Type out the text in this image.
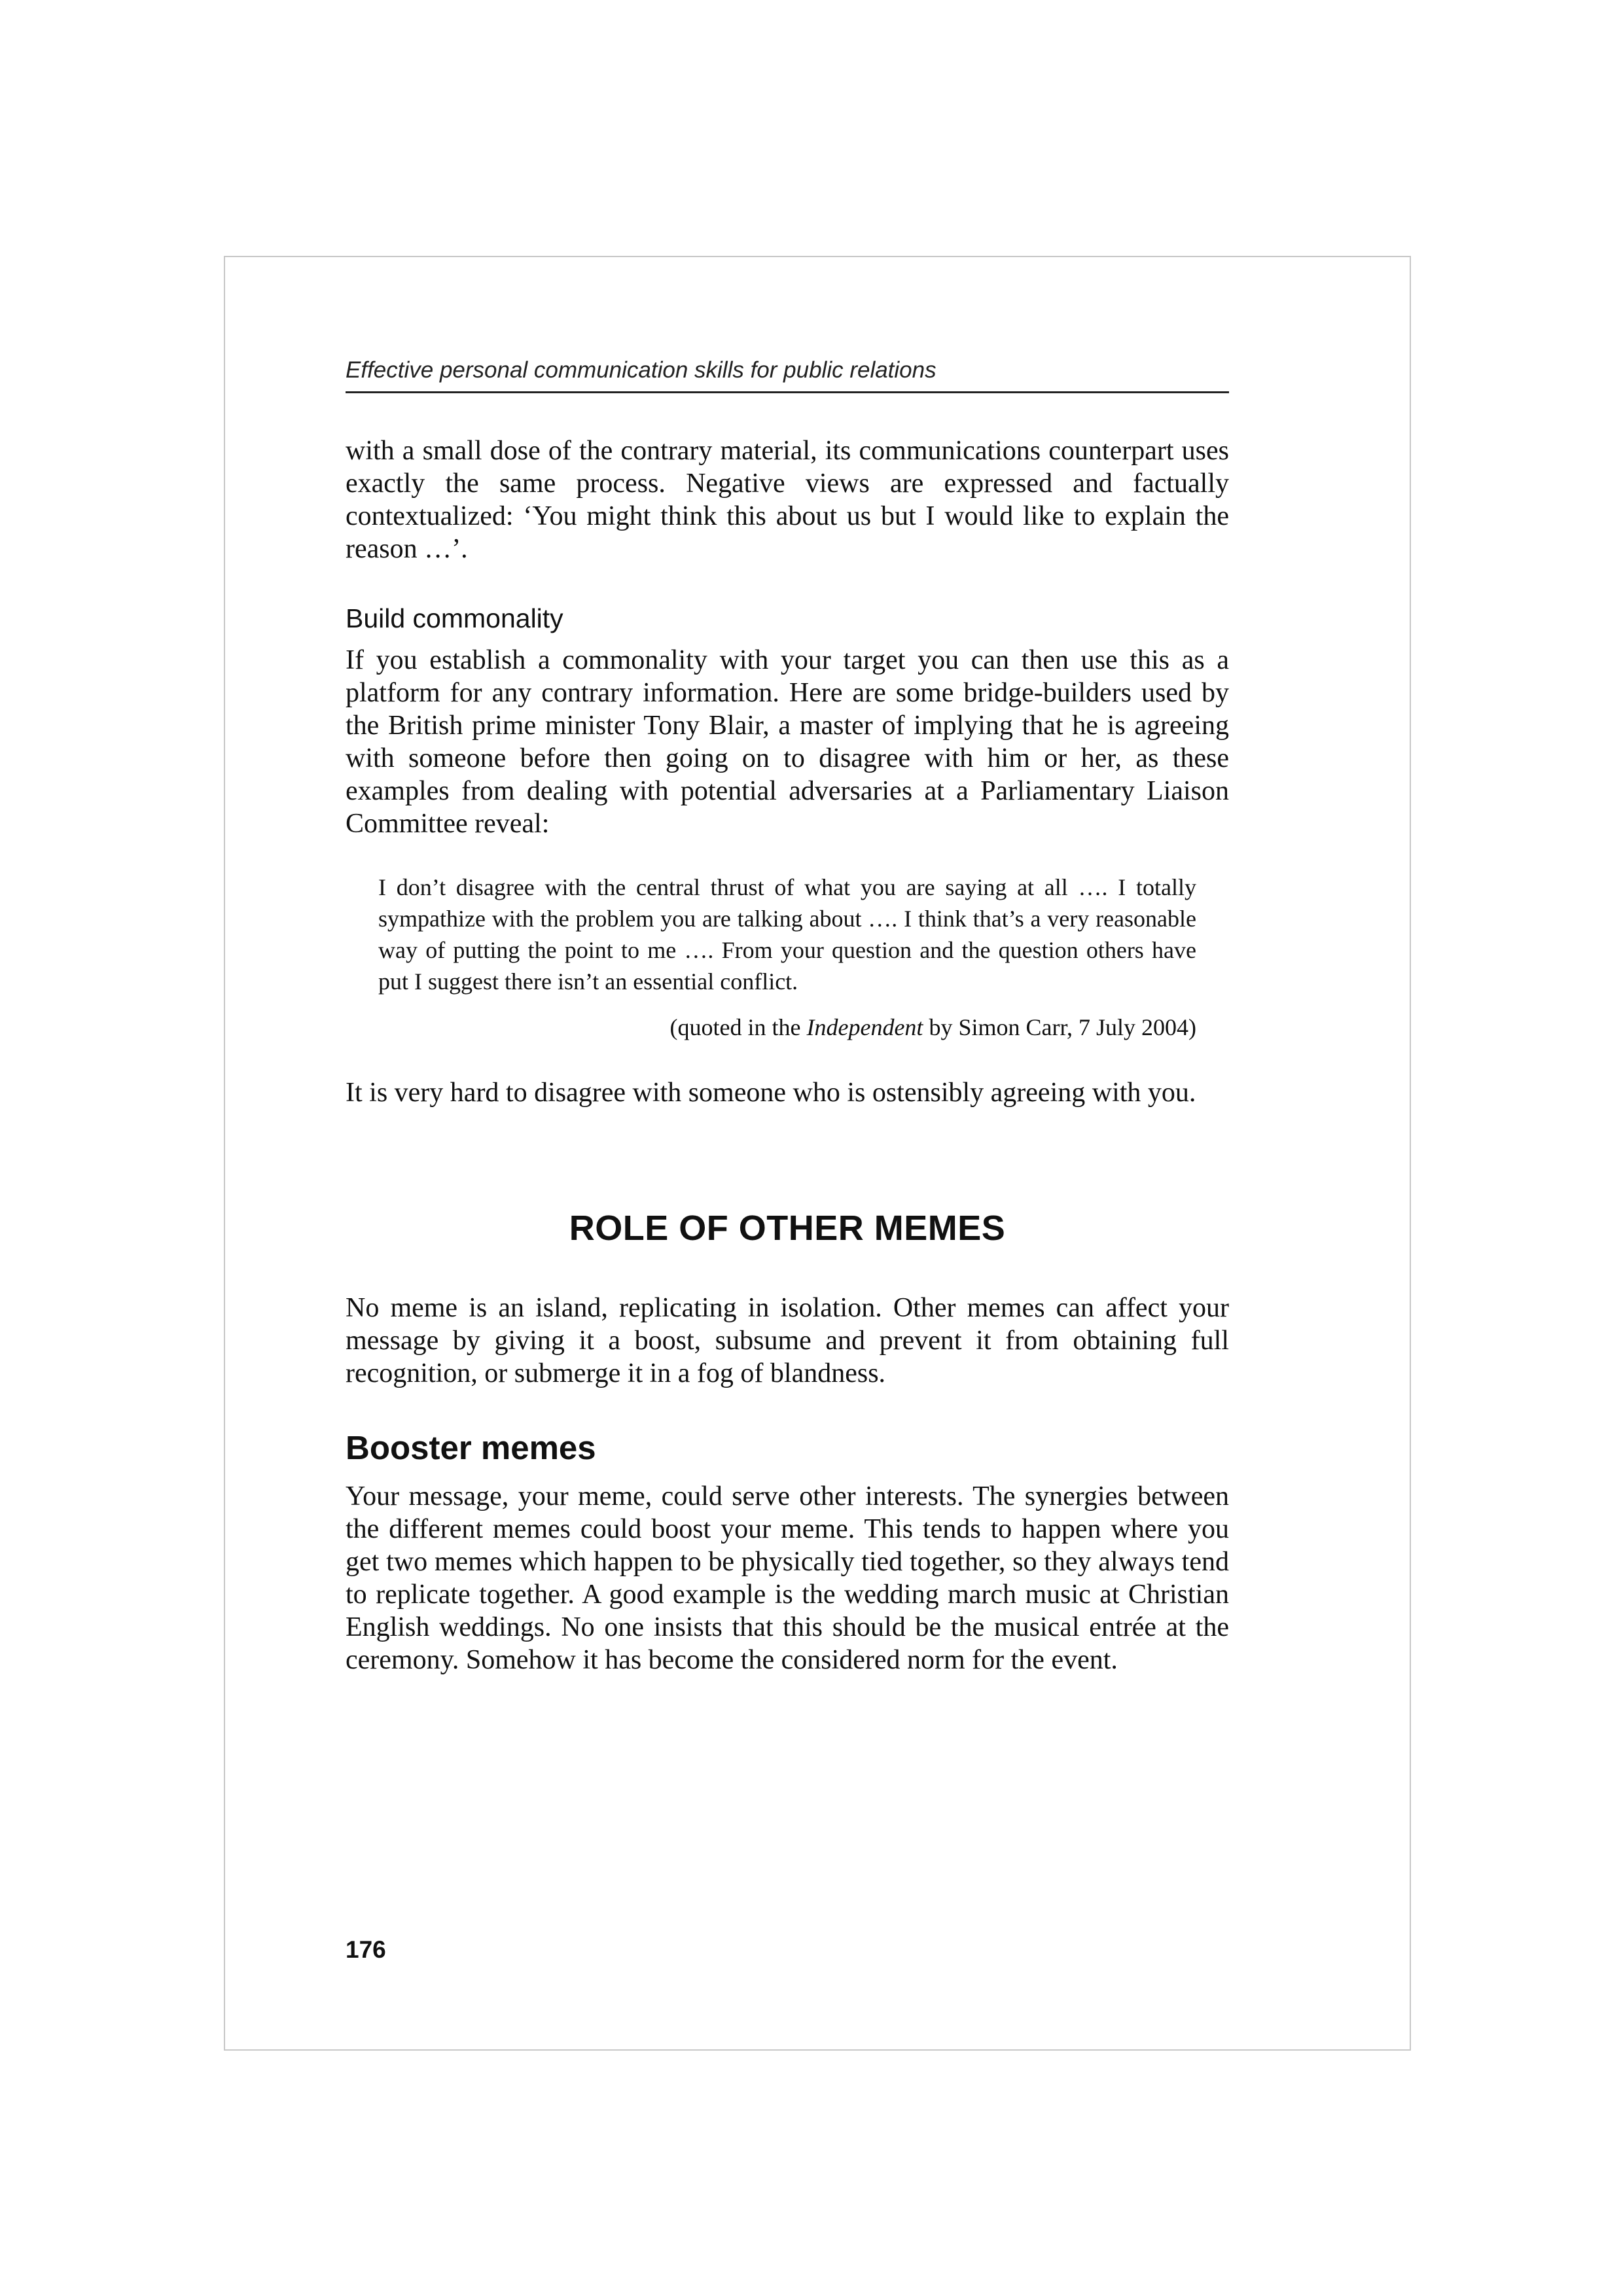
Effective personal communication skills for public relations

with a small dose of the contrary material, its communications counterpart uses exactly the same process. Negative views are expressed and factually contextualized: ‘You might think this about us but I would like to explain the reason …’.

Build commonality

If you establish a commonality with your target you can then use this as a platform for any contrary information. Here are some bridge-builders used by the British prime minister Tony Blair, a master of implying that he is agreeing with someone before then going on to disagree with him or her, as these examples from dealing with potential adversaries at a Parliamentary Liaison Committee reveal:

I don’t disagree with the central thrust of what you are saying at all …. I totally sympathize with the problem you are talking about …. I think that’s a very reasonable way of putting the point to me …. From your question and the question others have put I suggest there isn’t an essential conflict.

(quoted in the Independent by Simon Carr, 7 July 2004)

It is very hard to disagree with someone who is ostensibly agreeing with you.

ROLE OF OTHER MEMES

No meme is an island, replicating in isolation. Other memes can affect your message by giving it a boost, subsume and prevent it from obtaining full recognition, or submerge it in a fog of blandness.

Booster memes

Your message, your meme, could serve other interests. The synergies between the different memes could boost your meme. This tends to happen where you get two memes which happen to be physically tied together, so they always tend to replicate together. A good example is the wedding march music at Christian English weddings. No one insists that this should be the musical entrée at the ceremony. Somehow it has become the considered norm for the event.

176
